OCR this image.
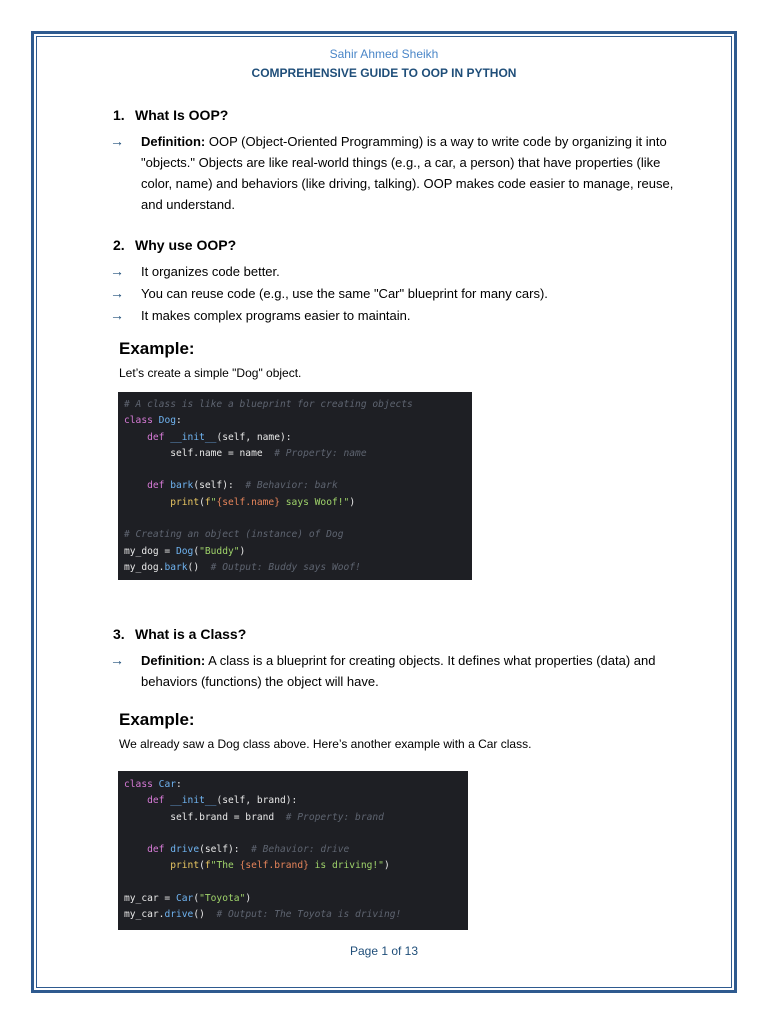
Sahir Ahmed Sheikh
COMPREHENSIVE GUIDE TO OOP IN PYTHON
1. What Is OOP?
→ Definition: OOP (Object-Oriented Programming) is a way to write code by organizing it into "objects." Objects are like real-world things (e.g., a car, a person) that have properties (like color, name) and behaviors (like driving, talking). OOP makes code easier to manage, reuse, and understand.
2. Why use OOP?
→ It organizes code better.
→ You can reuse code (e.g., use the same "Car" blueprint for many cars).
→ It makes complex programs easier to maintain.
Example:
Let’s create a simple "Dog" object.
# A class is like a blueprint for creating objects
class Dog:
def __init__(self, name):
self.name = name  # Property: name

def bark(self):  # Behavior: bark
print(f"{self.name} says Woof!")

# Creating an object (instance) of Dog
my_dog = Dog("Buddy")
my_dog.bark()  # Output: Buddy says Woof!
3. What is a Class?
→ Definition: A class is a blueprint for creating objects. It defines what properties (data) and behaviors (functions) the object will have.
Example:
We already saw a Dog class above. Here’s another example with a Car class.
class Car:
def __init__(self, brand):
self.brand = brand  # Property: brand

def drive(self):  # Behavior: drive
print(f"The {self.brand} is driving!")

my_car = Car("Toyota")
my_car.drive()  # Output: The Toyota is driving!
Page 1 of 13
